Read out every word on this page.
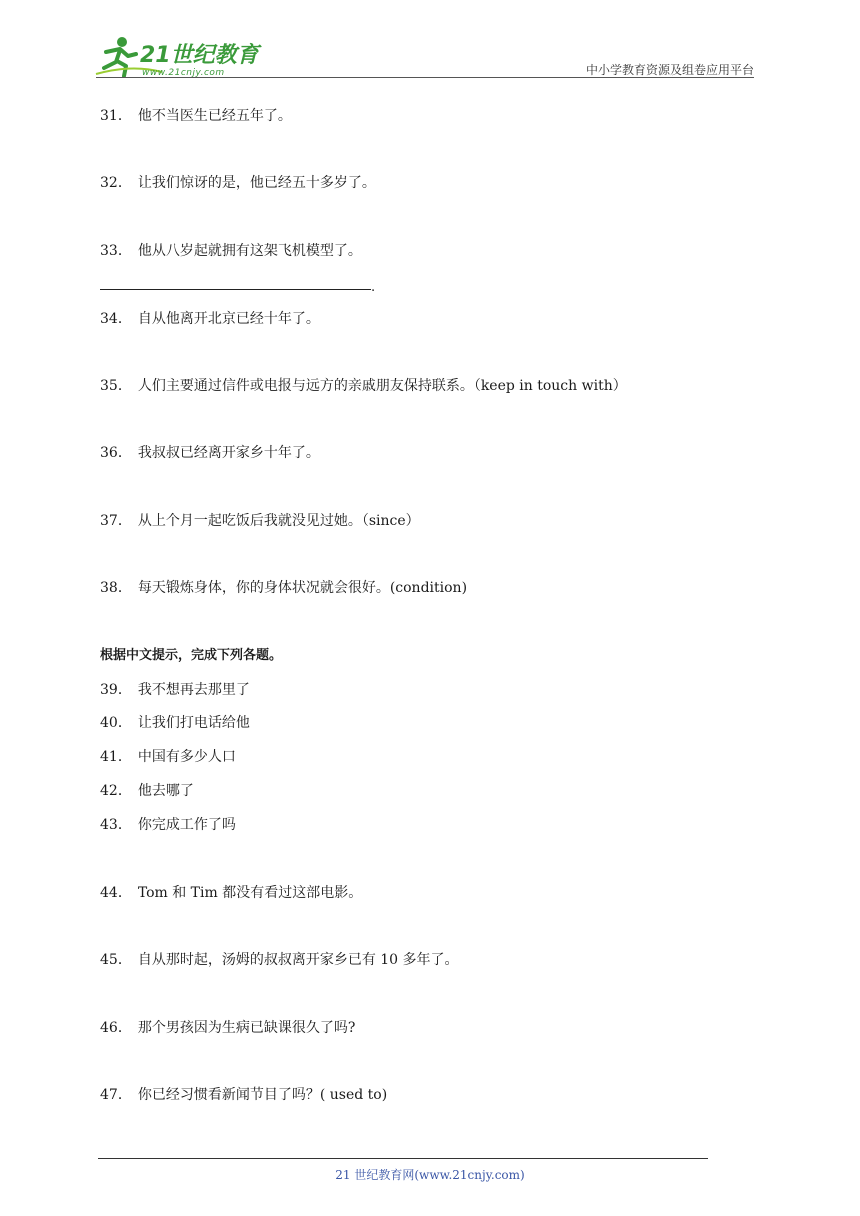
21世纪教育
www.21cnjy.com	中小学教育资源及组卷应用平台
31． 他不当医生已经五年了。
32． 让我们惊讶的是，他已经五十多岁了。
33． 他从八岁起就拥有这架飞机模型了。
.
34． 自从他离开北京已经十年了。
35． 人们主要通过信件或电报与远方的亲戚朋友保持联系。（keep in touch with）
36． 我叔叔已经离开家乡十年了。
37． 从上个月一起吃饭后我就没见过她。（since）
38． 每天锻炼身体，你的身体状况就会很好。(condition)
根据中文提示，完成下列各题。
39． 我不想再去那里了
40． 让我们打电话给他
41． 中国有多少人口
42． 他去哪了
43． 你完成工作了吗
44． Tom 和 Tim 都没有看过这部电影。
45． 自从那时起，汤姆的叔叔离开家乡已有 10 多年了。
46． 那个男孩因为生病已缺课很久了吗?
47． 你已经习惯看新闻节目了吗？( used to)
21 世纪教育网(www.21cnjy.com)
